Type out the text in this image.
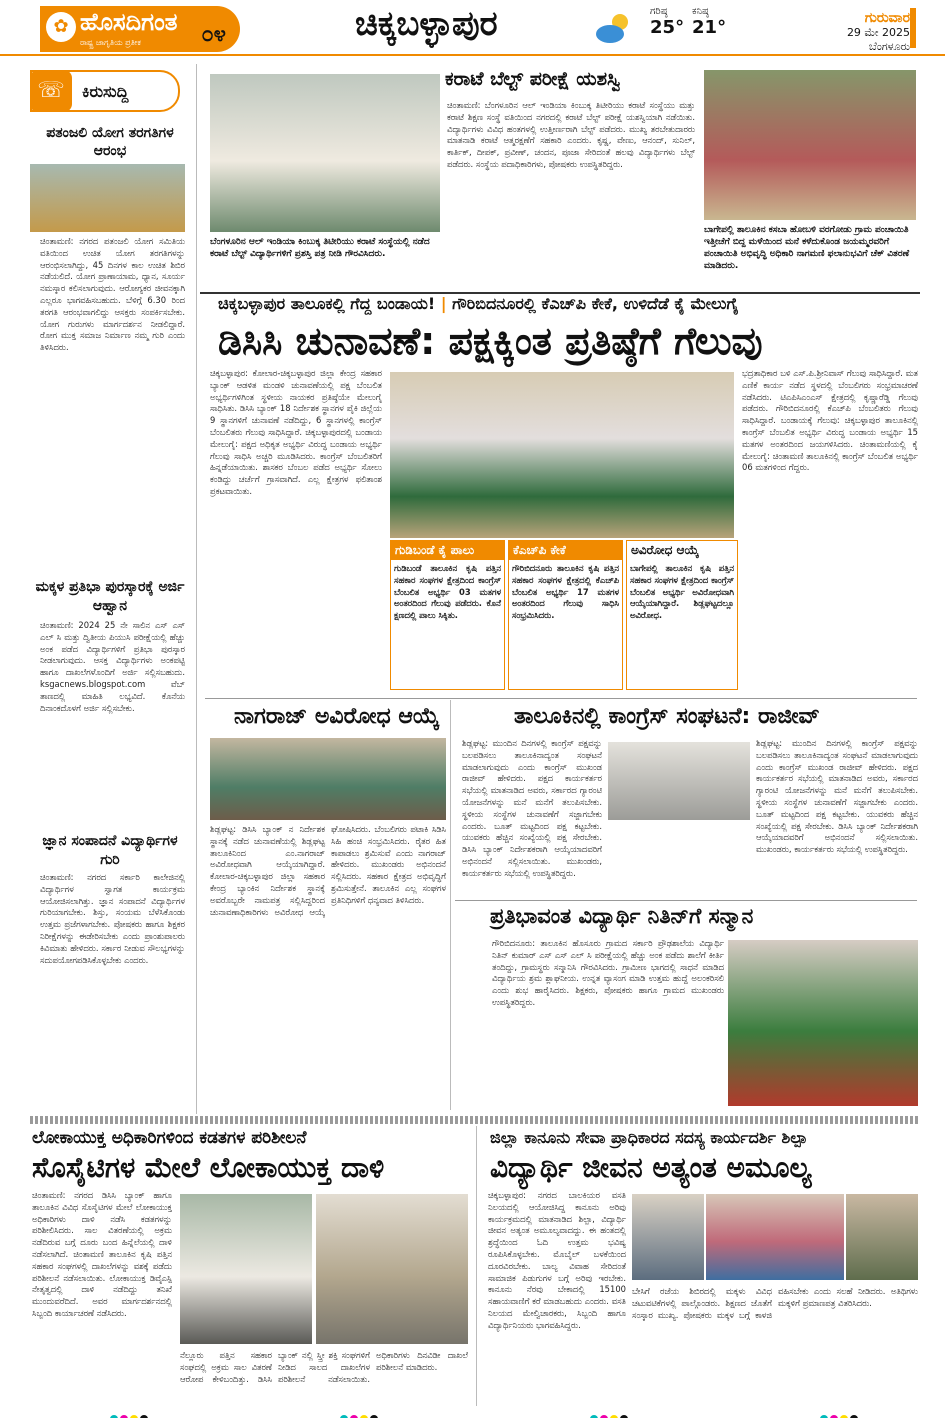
✿ ಹೊಸದಿಗಂತ
ರಾಷ್ಟ್ರ ಜಾಗೃತಿಯ ಪ್ರತೀಕ	೦೪	ಚಿಕ್ಕಬಳ್ಳಾಪುರ	ಗರಿಷ್ಠ
25°
ಕನಿಷ್ಠ
21°	ಗುರುವಾರ
29 ಮೇ 2025
ಬೆಂಗಳೂರು
☏	ಕಿರುಸುದ್ದಿ
ಪತಂಜಲಿ ಯೋಗ ತರಗತಿಗಳ ಆರಂಭ
ಚಿಂತಾಮಣಿ: ನಗರದ ಪತಂಜಲಿ ಯೋಗ ಸಮಿತಿಯ ವತಿಯಿಂದ ಉಚಿತ ಯೋಗ ತರಗತಿಗಳನ್ನು ಆರಂಭಿಸಲಾಗಿದ್ದು, 45 ದಿನಗಳ ಕಾಲ ಉಚಿತ ಶಿಬಿರ ನಡೆಯಲಿದೆ. ಯೋಗ ಪ್ರಾಣಾಯಾಮ, ಧ್ಯಾನ, ಸೂರ್ಯ ನಮಸ್ಕಾರ ಕಲಿಸಲಾಗುವುದು. ಆರೋಗ್ಯಕರ ಜೀವನಕ್ಕಾಗಿ ಎಲ್ಲರೂ ಭಾಗವಹಿಸಬಹುದು. ಬೆಳಿಗ್ಗೆ 6.30 ರಿಂದ ತರಗತಿ ಆರಂಭವಾಗಲಿದ್ದು ಆಸಕ್ತರು ಸಂಪರ್ಕಿಸಬೇಕು. ಯೋಗ ಗುರುಗಳು ಮಾರ್ಗದರ್ಶನ ನೀಡಲಿದ್ದಾರೆ. ರೋಗ ಮುಕ್ತ ಸಮಾಜ ನಿರ್ಮಾಣ ನಮ್ಮ ಗುರಿ ಎಂದು ತಿಳಿಸಿದರು.
ಮಕ್ಕಳ ಪ್ರತಿಭಾ ಪುರಸ್ಕಾರಕ್ಕೆ ಅರ್ಜಿ ಆಹ್ವಾನ
ಚಿಂತಾಮಣಿ: 2024 25 ನೇ ಸಾಲಿನ ಎಸ್ ಎಸ್ ಎಲ್ ಸಿ ಮತ್ತು ದ್ವಿತೀಯ ಪಿಯುಸಿ ಪರೀಕ್ಷೆಯಲ್ಲಿ ಹೆಚ್ಚು ಅಂಕ ಪಡೆದ ವಿದ್ಯಾರ್ಥಿಗಳಿಗೆ ಪ್ರತಿಭಾ ಪುರಸ್ಕಾರ ನೀಡಲಾಗುವುದು. ಆಸಕ್ತ ವಿದ್ಯಾರ್ಥಿಗಳು ಅಂಕಪಟ್ಟಿ ಹಾಗೂ ದಾಖಲೆಗಳೊಂದಿಗೆ ಅರ್ಜಿ ಸಲ್ಲಿಸಬಹುದು. ksgacnews.blogspot.com ವೆಬ್ ತಾಣದಲ್ಲಿ ಮಾಹಿತಿ ಲಭ್ಯವಿದೆ. ಕೊನೆಯ ದಿನಾಂಕದೊಳಗೆ ಅರ್ಜಿ ಸಲ್ಲಿಸಬೇಕು.
ಜ್ಞಾನ ಸಂಪಾದನೆ ವಿದ್ಯಾರ್ಥಿಗಳ ಗುರಿ
ಚಿಂತಾಮಣಿ: ನಗರದ ಸರ್ಕಾರಿ ಕಾಲೇಜಿನಲ್ಲಿ ವಿದ್ಯಾರ್ಥಿಗಳ ಸ್ವಾಗತ ಕಾರ್ಯಕ್ರಮ ಆಯೋಜಿಸಲಾಗಿತ್ತು. ಜ್ಞಾನ ಸಂಪಾದನೆ ವಿದ್ಯಾರ್ಥಿಗಳ ಗುರಿಯಾಗಬೇಕು. ಶಿಸ್ತು, ಸಂಯಮ ಬೆಳೆಸಿಕೊಂಡು ಉತ್ತಮ ಪ್ರಜೆಗಳಾಗಬೇಕು. ಪೋಷಕರು ಹಾಗೂ ಶಿಕ್ಷಕರ ನಿರೀಕ್ಷೆಗಳನ್ನು ಈಡೇರಿಸಬೇಕು ಎಂದು ಪ್ರಾಂಶುಪಾಲರು ಕಿವಿಮಾತು ಹೇಳಿದರು. ಸರ್ಕಾರ ನೀಡುವ ಸೌಲಭ್ಯಗಳನ್ನು ಸದುಪಯೋಗಪಡಿಸಿಕೊಳ್ಳಬೇಕು ಎಂದರು.
ಬೆಂಗಳೂರಿನ ಆಲ್ ಇಂಡಿಯಾ ಕಿಂಬುಕ್ಕ ತಿಟೀರಿಯು ಕರಾಟೆ ಸಂಸ್ಥೆಯಲ್ಲಿ ನಡೆದ ಕರಾಟೆ ಬೆಲ್ಟ್ ವಿದ್ಯಾರ್ಥಿಗಳಿಗೆ ಪ್ರಶಸ್ತಿ ಪತ್ರ ನೀಡಿ ಗೌರವಿಸಿದರು.
ಕರಾಟೆ ಬೆಲ್ಟ್ ಪರೀಕ್ಷೆ ಯಶಸ್ವಿ
ಚಿಂತಾಮಣಿ: ಬೆಂಗಳೂರಿನ ಆಲ್ ಇಂಡಿಯಾ ಕಿಂಬುಕ್ಕ ತಿಟೀರಿಯು ಕರಾಟೆ ಸಂಸ್ಥೆಯು ಮತ್ತು ಕರಾಟೆ ಶಿಕ್ಷಣ ಸಂಸ್ಥೆ ವತಿಯಿಂದ ನಗರದಲ್ಲಿ ಕರಾಟೆ ಬೆಲ್ಟ್ ಪರೀಕ್ಷೆ ಯಶಸ್ವಿಯಾಗಿ ನಡೆಯಿತು. ವಿದ್ಯಾರ್ಥಿಗಳು ವಿವಿಧ ಹಂತಗಳಲ್ಲಿ ಉತ್ತೀರ್ಣರಾಗಿ ಬೆಲ್ಟ್ ಪಡೆದರು. ಮುಖ್ಯ ತರಬೇತುದಾರರು ಮಾತನಾಡಿ ಕರಾಟೆ ಆತ್ಮರಕ್ಷಣೆಗೆ ಸಹಕಾರಿ ಎಂದರು. ಕೃಷ್ಣ, ವೇಣು, ಆನಂದ್, ಸುನಿಲ್, ಕಾರ್ತಿಕ್, ದೀಪಕ್, ಪ್ರವೀಣ್, ಚಂದನ, ಪೂಜಾ ಸೇರಿದಂತೆ ಹಲವು ವಿದ್ಯಾರ್ಥಿಗಳು ಬೆಲ್ಟ್ ಪಡೆದರು. ಸಂಸ್ಥೆಯ ಪದಾಧಿಕಾರಿಗಳು, ಪೋಷಕರು ಉಪಸ್ಥಿತರಿದ್ದರು.
ಬಾಗೇಪಲ್ಲಿ ತಾಲೂಕಿನ ಕಸಬಾ ಹೋಬಳಿ ವರಗೋಡು ಗ್ರಾಮ ಪಂಚಾಯಿತಿ ಇತ್ತೀಚೆಗೆ ಬಿದ್ದ ಮಳೆಯಿಂದ ಮನೆ ಕಳೆದುಕೊಂಡ ಜಯಮ್ಮರವರಿಗೆ ಪಂಚಾಯಿತಿ ಅಭಿವೃದ್ಧಿ ಅಧಿಕಾರಿ ನಾಗಮಣಿ ಫಲಾನುಭವಿಗೆ ಚೆಕ್ ವಿತರಣೆ ಮಾಡಿದರು.
ಚಿಕ್ಕಬಳ್ಳಾಪುರ ತಾಲೂಕಲ್ಲಿ ಗೆದ್ದ ಬಂಡಾಯ! | ಗೌರಿಬಿದನೂರಲ್ಲಿ ಕೆಎಚ್‌ಪಿ ಕೇಕೆ, ಉಳಿದೆಡೆ ಕೈ ಮೇಲುಗೈ
ಡಿಸಿಸಿ ಚುನಾವಣೆ: ಪಕ್ಷಕ್ಕಿಂತ ಪ್ರತಿಷ್ಠೆಗೆ ಗೆಲುವು
ಚಿಕ್ಕಬಳ್ಳಾಪುರ: ಕೋಲಾರ-ಚಿಕ್ಕಬಳ್ಳಾಪುರ ಜಿಲ್ಲಾ ಕೇಂದ್ರ ಸಹಕಾರ ಬ್ಯಾಂಕ್ ಆಡಳಿತ ಮಂಡಳಿ ಚುನಾವಣೆಯಲ್ಲಿ ಪಕ್ಷ ಬೆಂಬಲಿತ ಅಭ್ಯರ್ಥಿಗಳಿಗಿಂತ ಸ್ಥಳೀಯ ನಾಯಕರ ಪ್ರತಿಷ್ಠೆಯೇ ಮೇಲುಗೈ ಸಾಧಿಸಿತು. ಡಿಸಿಸಿ ಬ್ಯಾಂಕ್ 18 ನಿರ್ದೇಶಕ ಸ್ಥಾನಗಳ ಪೈಕಿ ಜಿಲ್ಲೆಯ 9 ಸ್ಥಾನಗಳಿಗೆ ಚುನಾವಣೆ ನಡೆದಿದ್ದು, 6 ಸ್ಥಾನಗಳಲ್ಲಿ ಕಾಂಗ್ರೆಸ್ ಬೆಂಬಲಿತರು ಗೆಲುವು ಸಾಧಿಸಿದ್ದಾರೆ. ಚಿಕ್ಕಬಳ್ಳಾಪುರದಲ್ಲಿ ಬಂಡಾಯ ಮೇಲುಗೈ: ಪಕ್ಷದ ಅಧಿಕೃತ ಅಭ್ಯರ್ಥಿ ವಿರುದ್ಧ ಬಂಡಾಯ ಅಭ್ಯರ್ಥಿ ಗೆಲುವು ಸಾಧಿಸಿ ಅಚ್ಚರಿ ಮೂಡಿಸಿದರು. ಕಾಂಗ್ರೆಸ್ ಬೆಂಬಲಿತರಿಗೆ ಹಿನ್ನಡೆಯಾಯಿತು. ಶಾಸಕರ ಬೆಂಬಲ ಪಡೆದ ಅಭ್ಯರ್ಥಿ ಸೋಲು ಕಂಡಿದ್ದು ಚರ್ಚೆಗೆ ಗ್ರಾಸವಾಗಿದೆ. ಎಲ್ಲ ಕ್ಷೇತ್ರಗಳ ಫಲಿತಾಂಶ ಪ್ರಕಟವಾಯಿತು.
ಭದ್ರತಾಧಿಕಾರ ಬಳಿ ಎಸ್.ಪಿ.ಶ್ರೀನಿವಾಸ್ ಗೆಲುವು ಸಾಧಿಸಿದ್ದಾರೆ. ಮತ ಎಣಿಕೆ ಕಾರ್ಯ ನಡೆದ ಸ್ಥಳದಲ್ಲಿ ಬೆಂಬಲಿಗರು ಸಂಭ್ರಮಾಚರಣೆ ನಡೆಸಿದರು. ಟಿಎಪಿಸಿಎಂಎಸ್ ಕ್ಷೇತ್ರದಲ್ಲಿ ಕೃಷ್ಣಾರೆಡ್ಡಿ ಗೆಲುವು ಪಡೆದರು. ಗೌರಿಬಿದನೂರಲ್ಲಿ ಕೆಎಚ್‌ಪಿ ಬೆಂಬಲಿತರು ಗೆಲುವು ಸಾಧಿಸಿದ್ದಾರೆ. ಬಂಡಾಯಕ್ಕೆ ಗೆಲುವು: ಚಿಕ್ಕಬಳ್ಳಾಪುರ ತಾಲೂಕಿನಲ್ಲಿ ಕಾಂಗ್ರೆಸ್ ಬೆಂಬಲಿತ ಅಭ್ಯರ್ಥಿ ವಿರುದ್ಧ ಬಂಡಾಯ ಅಭ್ಯರ್ಥಿ 15 ಮತಗಳ ಅಂತರದಿಂದ ಜಯಗಳಿಸಿದರು. ಚಿಂತಾಮಣಿಯಲ್ಲಿ ಕೈ ಮೇಲುಗೈ: ಚಿಂತಾಮಣಿ ತಾಲೂಕಿನಲ್ಲಿ ಕಾಂಗ್ರೆಸ್ ಬೆಂಬಲಿತ ಅಭ್ಯರ್ಥಿ 06 ಮತಗಳಿಂದ ಗೆದ್ದರು.
ಗುಡಿಬಂಡೆ ಕೈ ಪಾಲು
ಗುಡಿಬಂಡೆ ತಾಲೂಕಿನ ಕೃಷಿ ಪತ್ತಿನ ಸಹಕಾರ ಸಂಘಗಳ ಕ್ಷೇತ್ರದಿಂದ ಕಾಂಗ್ರೆಸ್ ಬೆಂಬಲಿತ ಅಭ್ಯರ್ಥಿ 03 ಮತಗಳ ಅಂತರದಿಂದ ಗೆಲುವು ಪಡೆದರು. ಕೊನೆ ಕ್ಷಣದಲ್ಲಿ ಪಾಲು ಸಿಕ್ಕಿತು.
ಕೆಎಚ್‌ಪಿ ಕೇಕೆ
ಗೌರಿಬಿದನೂರು ತಾಲೂಕಿನ ಕೃಷಿ ಪತ್ತಿನ ಸಹಕಾರ ಸಂಘಗಳ ಕ್ಷೇತ್ರದಲ್ಲಿ ಕೆಎಚ್‌ಪಿ ಬೆಂಬಲಿತ ಅಭ್ಯರ್ಥಿ 17 ಮತಗಳ ಅಂತರದಿಂದ ಗೆಲುವು ಸಾಧಿಸಿ ಸಂಭ್ರಮಿಸಿದರು.
ಅವಿರೋಧ ಆಯ್ಕೆ
ಬಾಗೇಪಲ್ಲಿ ತಾಲೂಕಿನ ಕೃಷಿ ಪತ್ತಿನ ಸಹಕಾರ ಸಂಘಗಳ ಕ್ಷೇತ್ರದಿಂದ ಕಾಂಗ್ರೆಸ್ ಬೆಂಬಲಿತ ಅಭ್ಯರ್ಥಿ ಅವಿರೋಧವಾಗಿ ಆಯ್ಕೆಯಾಗಿದ್ದಾರೆ. ಶಿಡ್ಲಘಟ್ಟದಲ್ಲೂ ಅವಿರೋಧ.
ನಾಗರಾಜ್ ಅವಿರೋಧ ಆಯ್ಕೆ
ಶಿಡ್ಲಘಟ್ಟ: ಡಿಸಿಸಿ ಬ್ಯಾಂಕ್ ನ ನಿರ್ದೇಶಕ ಸ್ಥಾನಕ್ಕೆ ನಡೆದ ಚುನಾವಣೆಯಲ್ಲಿ ಶಿಡ್ಲಘಟ್ಟ ತಾಲೂಕಿನಿಂದ ಎಂ.ನಾಗರಾಜ್ ಅವಿರೋಧವಾಗಿ ಆಯ್ಕೆಯಾಗಿದ್ದಾರೆ. ಕೋಲಾರ-ಚಿಕ್ಕಬಳ್ಳಾಪುರ ಜಿಲ್ಲಾ ಸಹಕಾರ ಕೇಂದ್ರ ಬ್ಯಾಂಕಿನ ನಿರ್ದೇಶಕ ಸ್ಥಾನಕ್ಕೆ ಅವರೊಬ್ಬರೇ ನಾಮಪತ್ರ ಸಲ್ಲಿಸಿದ್ದರಿಂದ ಚುನಾವಣಾಧಿಕಾರಿಗಳು ಅವಿರೋಧ ಆಯ್ಕೆ ಘೋಷಿಸಿದರು. ಬೆಂಬಲಿಗರು ಪಟಾಕಿ ಸಿಡಿಸಿ ಸಿಹಿ ಹಂಚಿ ಸಂಭ್ರಮಿಸಿದರು. ರೈತರ ಹಿತ ಕಾಪಾಡಲು ಶ್ರಮಿಸುವೆ ಎಂದು ನಾಗರಾಜ್ ಹೇಳಿದರು. ಮುಖಂಡರು ಅಭಿನಂದನೆ ಸಲ್ಲಿಸಿದರು. ಸಹಕಾರ ಕ್ಷೇತ್ರದ ಅಭಿವೃದ್ಧಿಗೆ ಶ್ರಮಿಸುತ್ತೇನೆ. ತಾಲೂಕಿನ ಎಲ್ಲ ಸಂಘಗಳ ಪ್ರತಿನಿಧಿಗಳಿಗೆ ಧನ್ಯವಾದ ತಿಳಿಸಿದರು.
ತಾಲೂಕಿನಲ್ಲಿ ಕಾಂಗ್ರೆಸ್ ಸಂಘಟನೆ: ರಾಜೀವ್
ಶಿಡ್ಲಘಟ್ಟ: ಮುಂದಿನ ದಿನಗಳಲ್ಲಿ ಕಾಂಗ್ರೆಸ್ ಪಕ್ಷವನ್ನು ಬಲಪಡಿಸಲು ತಾಲೂಕಿನಾದ್ಯಂತ ಸಂಘಟನೆ ಮಾಡಲಾಗುವುದು ಎಂದು ಕಾಂಗ್ರೆಸ್ ಮುಖಂಡ ರಾಜೀವ್ ಹೇಳಿದರು. ಪಕ್ಷದ ಕಾರ್ಯಕರ್ತರ ಸಭೆಯಲ್ಲಿ ಮಾತನಾಡಿದ ಅವರು, ಸರ್ಕಾರದ ಗ್ಯಾರಂಟಿ ಯೋಜನೆಗಳನ್ನು ಮನೆ ಮನೆಗೆ ತಲುಪಿಸಬೇಕು. ಸ್ಥಳೀಯ ಸಂಸ್ಥೆಗಳ ಚುನಾವಣೆಗೆ ಸಜ್ಜಾಗಬೇಕು ಎಂದರು. ಬೂತ್ ಮಟ್ಟದಿಂದ ಪಕ್ಷ ಕಟ್ಟಬೇಕು. ಯುವಕರು ಹೆಚ್ಚಿನ ಸಂಖ್ಯೆಯಲ್ಲಿ ಪಕ್ಷ ಸೇರಬೇಕು. ಡಿಸಿಸಿ ಬ್ಯಾಂಕ್ ನಿರ್ದೇಶಕರಾಗಿ ಆಯ್ಕೆಯಾದವರಿಗೆ ಅಭಿನಂದನೆ ಸಲ್ಲಿಸಲಾಯಿತು. ಮುಖಂಡರು, ಕಾರ್ಯಕರ್ತರು ಸಭೆಯಲ್ಲಿ ಉಪಸ್ಥಿತರಿದ್ದರು.
ಶಿಡ್ಲಘಟ್ಟ: ಮುಂದಿನ ದಿನಗಳಲ್ಲಿ ಕಾಂಗ್ರೆಸ್ ಪಕ್ಷವನ್ನು ಬಲಪಡಿಸಲು ತಾಲೂಕಿನಾದ್ಯಂತ ಸಂಘಟನೆ ಮಾಡಲಾಗುವುದು ಎಂದು ಕಾಂಗ್ರೆಸ್ ಮುಖಂಡ ರಾಜೀವ್ ಹೇಳಿದರು. ಪಕ್ಷದ ಕಾರ್ಯಕರ್ತರ ಸಭೆಯಲ್ಲಿ ಮಾತನಾಡಿದ ಅವರು, ಸರ್ಕಾರದ ಗ್ಯಾರಂಟಿ ಯೋಜನೆಗಳನ್ನು ಮನೆ ಮನೆಗೆ ತಲುಪಿಸಬೇಕು. ಸ್ಥಳೀಯ ಸಂಸ್ಥೆಗಳ ಚುನಾವಣೆಗೆ ಸಜ್ಜಾಗಬೇಕು ಎಂದರು. ಬೂತ್ ಮಟ್ಟದಿಂದ ಪಕ್ಷ ಕಟ್ಟಬೇಕು. ಯುವಕರು ಹೆಚ್ಚಿನ ಸಂಖ್ಯೆಯಲ್ಲಿ ಪಕ್ಷ ಸೇರಬೇಕು. ಡಿಸಿಸಿ ಬ್ಯಾಂಕ್ ನಿರ್ದೇಶಕರಾಗಿ ಆಯ್ಕೆಯಾದವರಿಗೆ ಅಭಿನಂದನೆ ಸಲ್ಲಿಸಲಾಯಿತು. ಮುಖಂಡರು, ಕಾರ್ಯಕರ್ತರು ಸಭೆಯಲ್ಲಿ ಉಪಸ್ಥಿತರಿದ್ದರು.
ಪ್ರತಿಭಾವಂತ ವಿದ್ಯಾರ್ಥಿ ನಿತಿನ್‌ಗೆ ಸನ್ಮಾನ
ಗೌರಿಬಿದನೂರು: ತಾಲೂಕಿನ ಹೊಸೂರು ಗ್ರಾಮದ ಸರ್ಕಾರಿ ಪ್ರೌಢಶಾಲೆಯ ವಿದ್ಯಾರ್ಥಿ ನಿತಿನ್ ಕುಮಾರ್ ಎಸ್ ಎಸ್ ಎಲ್ ಸಿ ಪರೀಕ್ಷೆಯಲ್ಲಿ ಹೆಚ್ಚು ಅಂಕ ಪಡೆದು ಶಾಲೆಗೆ ಕೀರ್ತಿ ತಂದಿದ್ದು, ಗ್ರಾಮಸ್ಥರು ಸನ್ಮಾನಿಸಿ ಗೌರವಿಸಿದರು. ಗ್ರಾಮೀಣ ಭಾಗದಲ್ಲಿ ಸಾಧನೆ ಮಾಡಿದ ವಿದ್ಯಾರ್ಥಿಯ ಶ್ರಮ ಶ್ಲಾಘನೀಯ. ಉನ್ನತ ವ್ಯಾಸಂಗ ಮಾಡಿ ಉತ್ತಮ ಹುದ್ದೆ ಅಲಂಕರಿಸಲಿ ಎಂದು ಶುಭ ಹಾರೈಸಿದರು. ಶಿಕ್ಷಕರು, ಪೋಷಕರು ಹಾಗೂ ಗ್ರಾಮದ ಮುಖಂಡರು ಉಪಸ್ಥಿತರಿದ್ದರು.
ಲೋಕಾಯುಕ್ತ ಅಧಿಕಾರಿಗಳಿಂದ ಕಡತಗಳ ಪರಿಶೀಲನೆ
ಸೊಸೈಟಿಗಳ ಮೇಲೆ ಲೋಕಾಯುಕ್ತ ದಾಳಿ
ಚಿಂತಾಮಣಿ: ನಗರದ ಡಿಸಿಸಿ ಬ್ಯಾಂಕ್ ಹಾಗೂ ತಾಲೂಕಿನ ವಿವಿಧ ಸೊಸೈಟಿಗಳ ಮೇಲೆ ಲೋಕಾಯುಕ್ತ ಅಧಿಕಾರಿಗಳು ದಾಳಿ ನಡೆಸಿ ಕಡತಗಳನ್ನು ಪರಿಶೀಲಿಸಿದರು. ಸಾಲ ವಿತರಣೆಯಲ್ಲಿ ಅಕ್ರಮ ನಡೆದಿರುವ ಬಗ್ಗೆ ದೂರು ಬಂದ ಹಿನ್ನೆಲೆಯಲ್ಲಿ ದಾಳಿ ನಡೆಸಲಾಗಿದೆ. ಚಿಂತಾಮಣಿ ತಾಲೂಕಿನ ಕೃಷಿ ಪತ್ತಿನ ಸಹಕಾರ ಸಂಘಗಳಲ್ಲಿ ದಾಖಲೆಗಳನ್ನು ವಶಕ್ಕೆ ಪಡೆದು ಪರಿಶೀಲನೆ ನಡೆಸಲಾಯಿತು. ಲೋಕಾಯುಕ್ತ ಡಿವೈಎಸ್ಪಿ ನೇತೃತ್ವದಲ್ಲಿ ದಾಳಿ ನಡೆದಿದ್ದು ತನಿಖೆ ಮುಂದುವರೆದಿದೆ. ಅವರ ಮಾರ್ಗದರ್ಶನದಲ್ಲಿ ಸಿಬ್ಬಂದಿ ಕಾರ್ಯಾಚರಣೆ ನಡೆಸಿದರು.
ನೆಲ್ಲೂರು ಪತ್ತಿನ ಸಹಕಾರ ಸಂಘದಲ್ಲಿ ಅಕ್ರಮ ಸಾಲ ವಿತರಣೆ ಆರೋಪ ಕೇಳಿಬಂದಿತ್ತು. ಡಿಸಿಸಿ ಬ್ಯಾಂಕ್ ನಲ್ಲಿ ಸ್ತ್ರೀ ಶಕ್ತಿ ಸಂಘಗಳಿಗೆ ನೀಡಿದ ಸಾಲದ ದಾಖಲೆಗಳ ಪರಿಶೀಲನೆ ನಡೆಸಲಾಯಿತು. ಅಧಿಕಾರಿಗಳು ದಿನವಿಡೀ ದಾಖಲೆ ಪರಿಶೀಲನೆ ಮಾಡಿದರು.
ಜಿಲ್ಲಾ ಕಾನೂನು ಸೇವಾ ಪ್ರಾಧಿಕಾರದ ಸದಸ್ಯ ಕಾರ್ಯದರ್ಶಿ ಶಿಲ್ಪಾ
ವಿದ್ಯಾರ್ಥಿ ಜೀವನ ಅತ್ಯಂತ ಅಮೂಲ್ಯ
ಚಿಕ್ಕಬಳ್ಳಾಪುರ: ನಗರದ ಬಾಲಕಿಯರ ವಸತಿ ನಿಲಯದಲ್ಲಿ ಆಯೋಜಿಸಿದ್ದ ಕಾನೂನು ಅರಿವು ಕಾರ್ಯಕ್ರಮದಲ್ಲಿ ಮಾತನಾಡಿದ ಶಿಲ್ಪಾ, ವಿದ್ಯಾರ್ಥಿ ಜೀವನ ಅತ್ಯಂತ ಅಮೂಲ್ಯವಾದದ್ದು. ಈ ಹಂತದಲ್ಲಿ ಶ್ರದ್ಧೆಯಿಂದ ಓದಿ ಉತ್ತಮ ಭವಿಷ್ಯ ರೂಪಿಸಿಕೊಳ್ಳಬೇಕು. ಮೊಬೈಲ್ ಬಳಕೆಯಿಂದ ದೂರವಿರಬೇಕು. ಬಾಲ್ಯ ವಿವಾಹ ಸೇರಿದಂತೆ ಸಾಮಾಜಿಕ ಪಿಡುಗುಗಳ ಬಗ್ಗೆ ಅರಿವು ಇರಬೇಕು. ಕಾನೂನು ನೆರವು ಬೇಕಾದಲ್ಲಿ 15100 ಸಹಾಯವಾಣಿಗೆ ಕರೆ ಮಾಡಬಹುದು ಎಂದರು. ವಸತಿ ನಿಲಯದ ಮೇಲ್ವಿಚಾರಕರು, ಸಿಬ್ಬಂದಿ ಹಾಗೂ ವಿದ್ಯಾರ್ಥಿನಿಯರು ಭಾಗವಹಿಸಿದ್ದರು.
ಬೇಸಿಗೆ ರಜೆಯ ಶಿಬಿರದಲ್ಲಿ ಮಕ್ಕಳು ವಿವಿಧ ಚಟುವಟಿಕೆಗಳಲ್ಲಿ ಪಾಲ್ಗೊಂಡರು. ಶಿಕ್ಷಣದ ಜೊತೆಗೆ ಸಂಸ್ಕಾರ ಮುಖ್ಯ. ಪೋಷಕರು ಮಕ್ಕಳ ಬಗ್ಗೆ ಕಾಳಜಿ ವಹಿಸಬೇಕು ಎಂದು ಸಲಹೆ ನೀಡಿದರು. ಅತಿಥಿಗಳು ಮಕ್ಕಳಿಗೆ ಪ್ರಮಾಣಪತ್ರ ವಿತರಿಸಿದರು.
